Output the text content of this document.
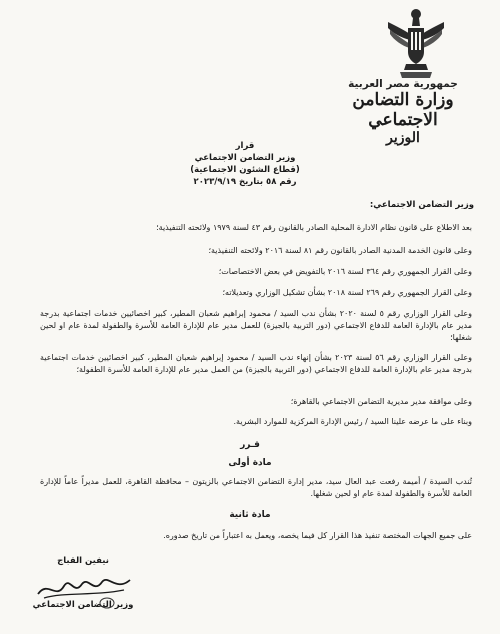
جمهورية مصر العربية
وزارة التضامن الاجتماعي
الوزير
قرار
وزير التضامن الاجتماعي
(قطاع الشئون الاجتماعية)
رقم ٥٨ بتاريخ ٢٠٢٣/٩/١٩
وزير التضامن الاجتماعي:
بعد الاطلاع على قانون نظام الادارة المحلية الصادر بالقانون رقم ٤٣ لسنة ١٩٧٩ ولائحته التنفيذية؛
وعلى قانون الخدمة المدنية الصادر بالقانون رقم ٨١ لسنة ٢٠١٦ ولائحته التنفيذية؛
وعلى القرار الجمهوري رقم ٣٦٤ لسنة ٢٠١٦ بالتفويض في بعض الاختصاصات؛
وعلى القرار الجمهوري رقم ٢٦٩ لسنة ٢٠١٨ بشأن تشكيل الوزاري وتعديلاته؛
وعلى القرار الوزاري رقم ٥ لسنة ٢٠٢٠ بشأن ندب السيد / محمود إبراهيم شعبان المطير، كبير اخصائيين خدمات اجتماعية بدرجة مدير عام بالإدارة العامة للدفاع الاجتماعي (دور التربية بالجيزة) للعمل مدير عام للإدارة العامة للأسرة والطفولة لمدة عام او لحين شغلها؛
وعلى القرار الوزاري رقم ٥٦ لسنة ٢٠٢٣ بشأن إنهاء ندب السيد / محمود إبراهيم شعبان المطير، كبير اخصائيين خدمات اجتماعية بدرجة مدير عام بالإدارة العامة للدفاع الاجتماعي (دور التربية بالجيزة) من العمل مدير عام للإدارة العامة للأسرة الطفولة؛
وعلى موافقة مدير مديرية التضامن الاجتماعي بالقاهرة؛
وبناء على ما عرضه علينا السيد / رئيس الإدارة المركزية للموارد البشرية.
قـرر
مادة أولى
تُندب السيدة / أميمة رفعت عبد العال سيد، مدير إدارة التضامن الاجتماعي بالزيتون – محافظة القاهرة، للعمل مديراً عاماً للإدارة العامة للأسرة والطفولة لمدة عام او لحين شغلها.
مادة ثانية
على جميع الجهات المختصة تنفيذ هذا القرار كل فيما يخصه، ويعمل به اعتباراً من تاريخ صدوره.
نيفين القباج
وزير التضامن الاجتماعي
